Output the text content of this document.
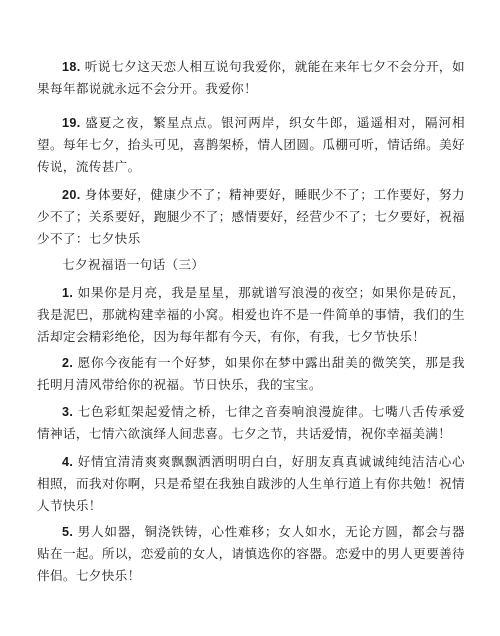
18. 听说七夕这天恋人相互说句我爱你，就能在来年七夕不会分开，如果每年都说就永远不会分开。我爱你！

19. 盛夏之夜，繁星点点。银河两岸，织女牛郎，遥遥相对，隔河相望。每年七夕，抬头可见，喜鹊架桥，情人团圆。瓜棚可听，情话绵。美好传说，流传甚广。

20. 身体要好，健康少不了；精神要好，睡眠少不了；工作要好，努力少不了；关系要好，跑腿少不了；感情要好，经营少不了；七夕要好，祝福少不了：七夕快乐

七夕祝福语一句话（三）

1. 如果你是月亮，我是星星，那就谱写浪漫的夜空；如果你是砖瓦，我是泥巴，那就构建幸福的小窝。相爱也许不是一件简单的事情，我们的生活却定会精彩绝伦，因为每年都有今天，有你，有我，七夕节快乐！

2. 愿你今夜能有一个好梦，如果你在梦中露出甜美的微笑笑，那是我托明月清风带给你的祝福。节日快乐，我的宝宝。

3. 七色彩虹架起爱情之桥，七律之音奏响浪漫旋律。七嘴八舌传承爱情神话，七情六欲演绎人间悲喜。七夕之节，共话爱情，祝你幸福美满！

4. 好情宜清清爽爽飘飘洒洒明明白白，好朋友真真诚诚纯纯洁洁心心相照，而我对你啊，只是希望在我独自跋涉的人生单行道上有你共勉！祝情人节快乐！

5. 男人如器，铜浇铁铸，心性难移；女人如水，无论方圆，都会与器贴在一起。所以，恋爱前的女人，请慎选你的容器。恋爱中的男人更要善待伴侣。七夕快乐！
